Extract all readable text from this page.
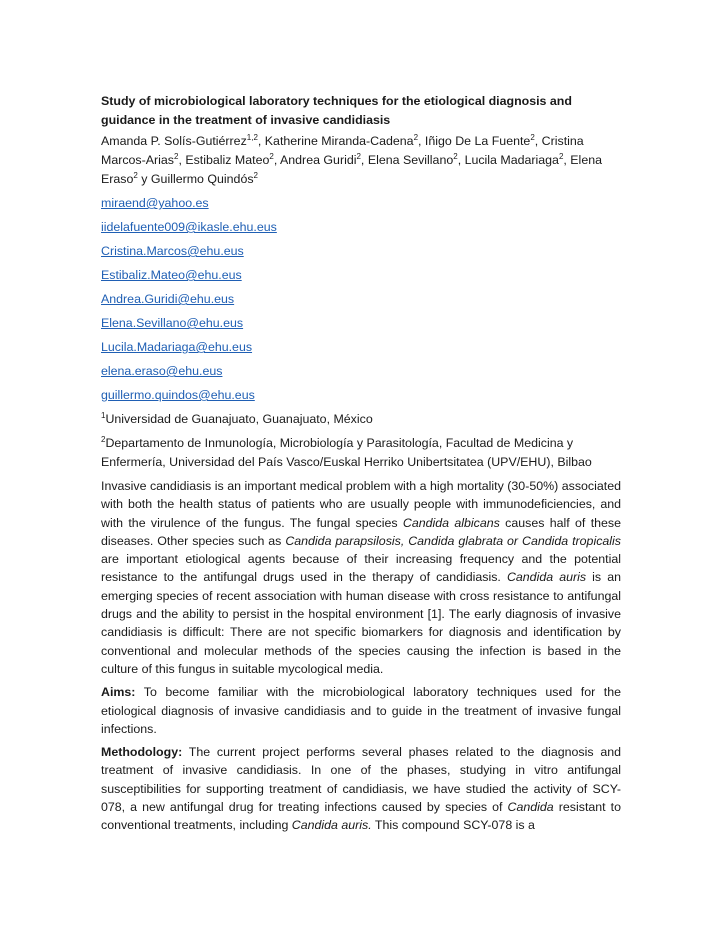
Study of microbiological laboratory techniques for the etiological diagnosis and guidance in the treatment of invasive candidiasis

Amanda P. Solís-Gutiérrez$^{1,2}$, Katherine Miranda-Cadena$^2$, Iñigo De La Fuente$^2$, Cristina Marcos-Arias$^2$, Estibaliz Mateo$^2$, Andrea Guridi$^2$, Elena Sevillano$^2$, Lucila Madariaga$^2$, Elena Eraso$^2$ y Guillermo Quindós$^2$

miraend@yahoo.es
iidelafuente009@ikasle.ehu.eus
Cristina.Marcos@ehu.eus
Estibaliz.Mateo@ehu.eus
Andrea.Guridi@ehu.eus
Elena.Sevillano@ehu.eus
Lucila.Madariaga@ehu.eus
elena.eraso@ehu.eus
guillermo.quindos@ehu.eus

$^1$Universidad de Guanajuato, Guanajuato, México

$^2$Departamento de Inmunología, Microbiología y Parasitología, Facultad de Medicina y Enfermería, Universidad del País Vasco/Euskal Herriko Unibertsitatea (UPV/EHU), Bilbao

Invasive candidiasis is an important medical problem with a high mortality (30-50%) associated with both the health status of patients who are usually people with immunodeficiencies, and with the virulence of the fungus. The fungal species Candida albicans causes half of these diseases. Other species such as Candida parapsilosis, Candida glabrata or Candida tropicalis are important etiological agents because of their increasing frequency and the potential resistance to the antifungal drugs used in the therapy of candidiasis. Candida auris is an emerging species of recent association with human disease with cross resistance to antifungal drugs and the ability to persist in the hospital environment [1]. The early diagnosis of invasive candidiasis is difficult: There are not specific biomarkers for diagnosis and identification by conventional and molecular methods of the species causing the infection is based in the culture of this fungus in suitable mycological media.

Aims: To become familiar with the microbiological laboratory techniques used for the etiological diagnosis of invasive candidiasis and to guide in the treatment of invasive fungal infections.

Methodology: The current project performs several phases related to the diagnosis and treatment of invasive candidiasis. In one of the phases, studying in vitro antifungal susceptibilities for supporting treatment of candidiasis, we have studied the activity of SCY-078, a new antifungal drug for treating infections caused by species of Candida resistant to conventional treatments, including Candida auris. This compound SCY-078 is a
